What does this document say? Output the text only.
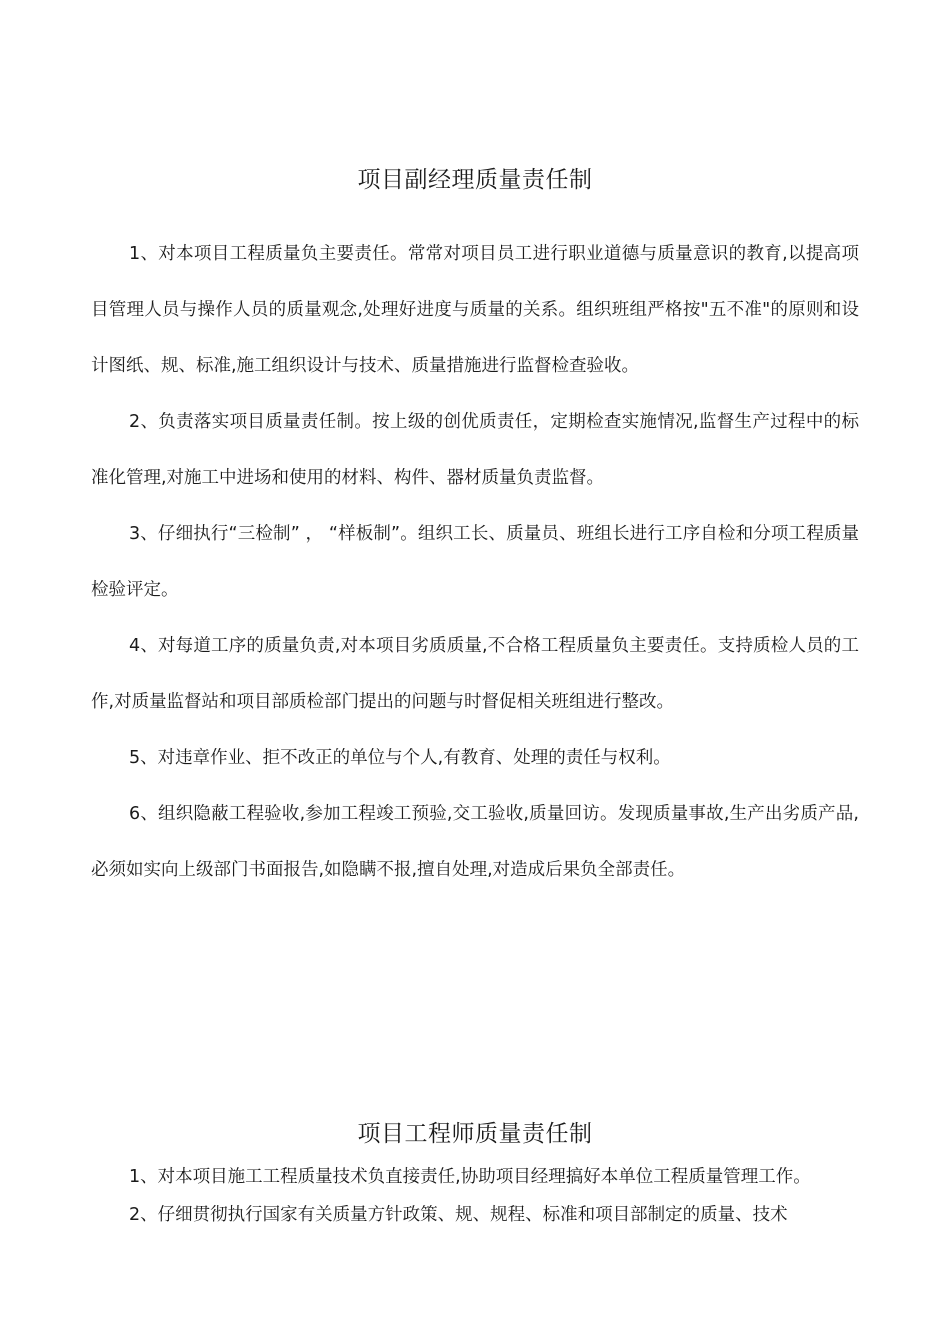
项目副经理质量责任制

1、对本项目工程质量负主要责任。常常对项目员工进行职业道德与质量意识的教育,以提高项目管理人员与操作人员的质量观念,处理好进度与质量的关系。组织班组严格按"五不准"的原则和设计图纸、规、标准,施工组织设计与技术、质量措施进行监督检查验收。

2、负责落实项目质量责任制。按上级的创优质责任，定期检查实施情况,监督生产过程中的标准化管理,对施工中进场和使用的材料、构件、器材质量负责监督。

3、仔细执行“三检制” ， “样板制”。组织工长、质量员、班组长进行工序自检和分项工程质量检验评定。

4、对每道工序的质量负责,对本项目劣质质量,不合格工程质量负主要责任。支持质检人员的工作,对质量监督站和项目部质检部门提出的问题与时督促相关班组进行整改。

5、对违章作业、拒不改正的单位与个人,有教育、处理的责任与权利。

6、组织隐蔽工程验收,参加工程竣工预验,交工验收,质量回访。发现质量事故,生产出劣质产品,必须如实向上级部门书面报告,如隐瞒不报,擅自处理,对造成后果负全部责任。

项目工程师质量责任制

1、对本项目施工工程质量技术负直接责任,协助项目经理搞好本单位工程质量管理工作。

2、仔细贯彻执行国家有关质量方针政策、规、规程、标准和项目部制定的质量、技术
